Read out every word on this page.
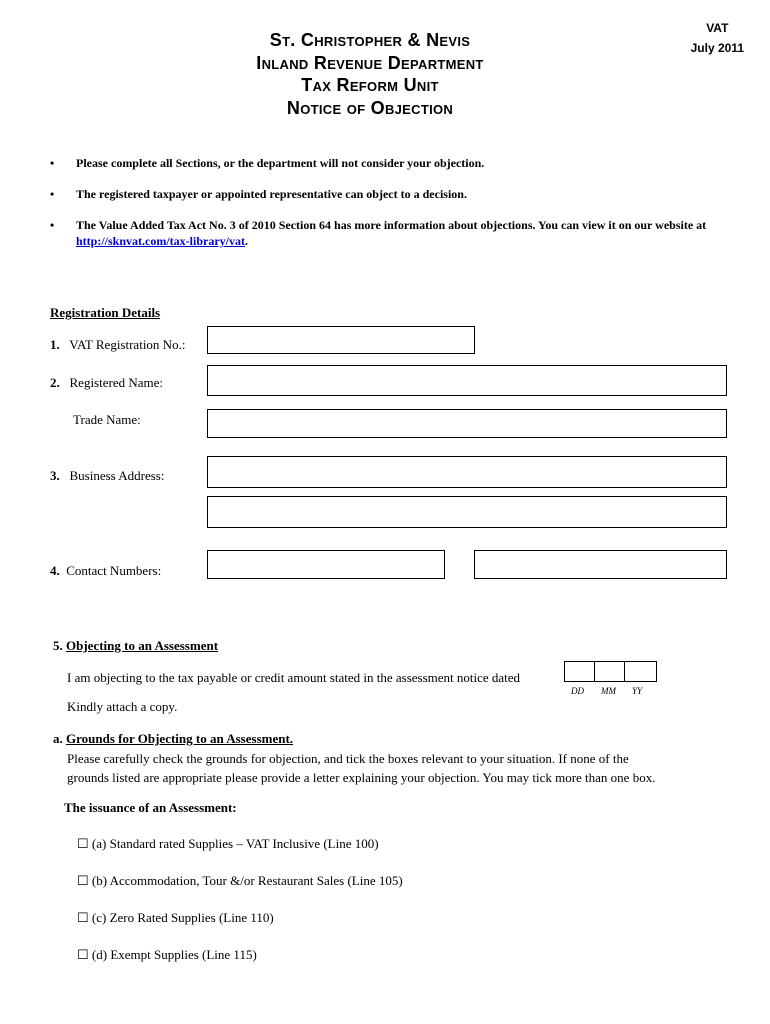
VAT
July 2011
St. Christopher & Nevis
Inland Revenue Department
Tax Reform Unit
Notice of Objection
• Please complete all Sections, or the department will not consider your objection.
• The registered taxpayer or appointed representative can object to a decision.
• The Value Added Tax Act No. 3 of 2010 Section 64 has more information about objections. You can view it on our website at http://sknvat.com/tax-library/vat.
Registration Details
1. VAT Registration No.:
2. Registered Name:
Trade Name:
3. Business Address:
4. Contact Numbers:
5. Objecting to an Assessment
I am objecting to the tax payable or credit amount stated in the assessment notice dated
DD MM YY
Kindly attach a copy.
a. Grounds for Objecting to an Assessment.
Please carefully check the grounds for objection, and tick the boxes relevant to your situation. If none of the
grounds listed are appropriate please provide a letter explaining your objection. You may tick more than one box.
The issuance of an Assessment:
☐ (a) Standard rated Supplies – VAT Inclusive (Line 100)
☐ (b) Accommodation, Tour &/or Restaurant Sales (Line 105)
☐ (c) Zero Rated Supplies (Line 110)
☐ (d) Exempt Supplies (Line 115)
